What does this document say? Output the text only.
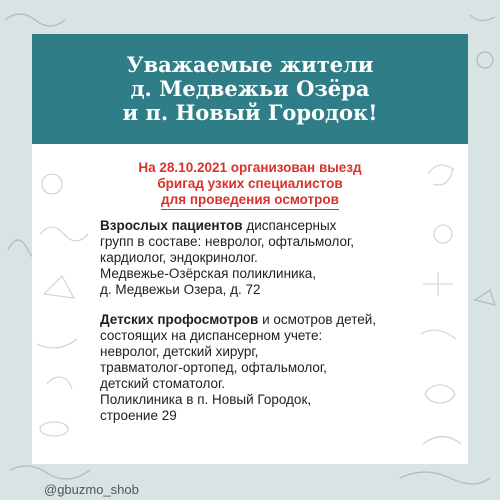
Уважаемые жители
д. Медвежьи Озёра
и п. Новый Городок!
На 28.10.2021 организован выезд
бригад узких специалистов
для проведения осмотров
Взрослых пациентов диспансерных
групп в составе: невролог, офтальмолог,
кардиолог, эндокринолог.
Медвежье-Озёрская поликлиника,
д. Медвежьи Озера, д. 72
Детских профосмотров и осмотров детей,
состоящих на диспансерном учете:
невролог, детский хирург,
травматолог-ортопед, офтальмолог,
детский стоматолог.
Поликлиника в п. Новый Городок,
строение 29
@gbuzmo_shob
